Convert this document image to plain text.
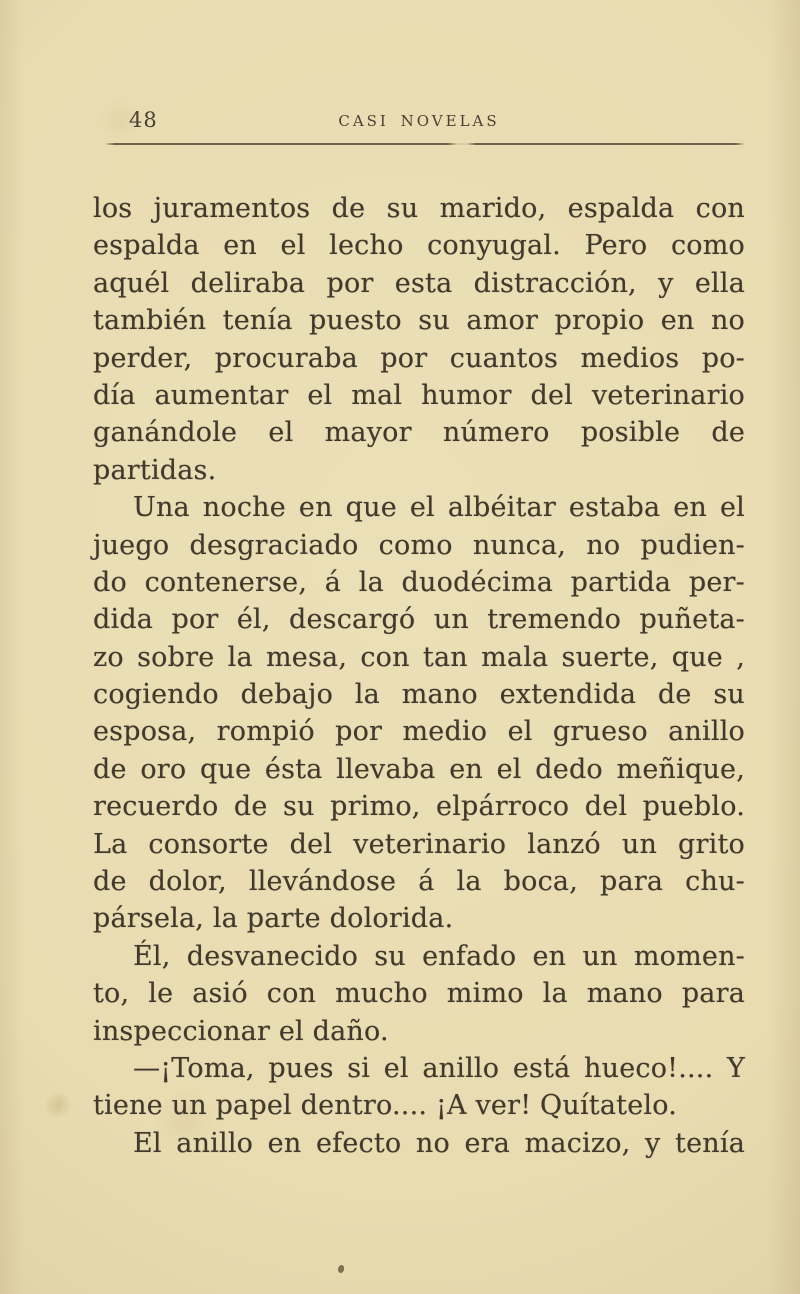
48	CASI NOVELAS
los juramentos de su marido, espalda con
espalda en el lecho conyugal. Pero como
aquél deliraba por esta distracción, y ella
también tenía puesto su amor propio en no
perder, procuraba por cuantos medios po-
día aumentar el mal humor del veterinario
ganándole el mayor número posible de
partidas.
Una noche en que el albéitar estaba en el
juego desgraciado como nunca, no pudien-
do contenerse, á la duodécima partida per-
dida por él, descargó un tremendo puñeta-
zo sobre la mesa, con tan mala suerte, que ,
cogiendo debajo la mano extendida de su
esposa, rompió por medio el grueso anillo
de oro que ésta llevaba en el dedo meñique,
recuerdo de su primo, elpárroco del pueblo.
La consorte del veterinario lanzó un grito
de dolor, llevándose á la boca, para chu-
pársela, la parte dolorida.
Él, desvanecido su enfado en un momen-
to, le asió con mucho mimo la mano para
inspeccionar el daño.
—¡Toma, pues si el anillo está hueco!.... Y
tiene un papel dentro.... ¡A ver! Quítatelo.
El anillo en efecto no era macizo, y tenía
